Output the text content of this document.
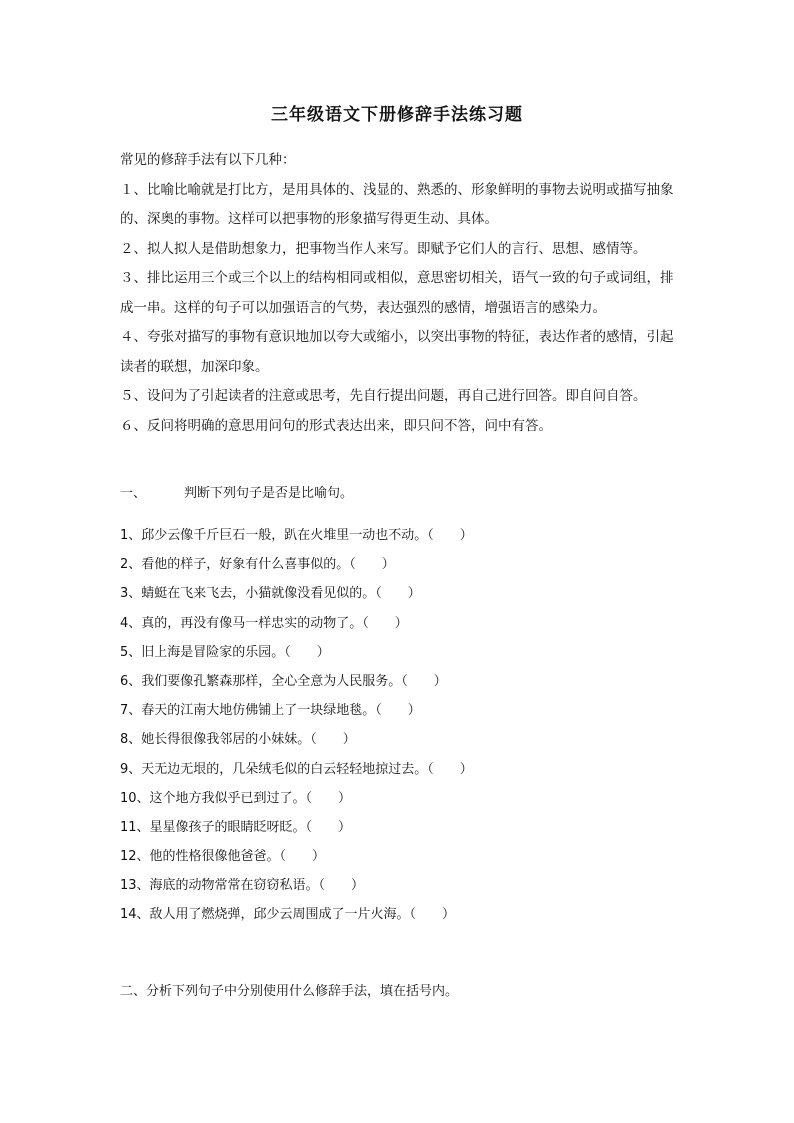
三年级语文下册修辞手法练习题

常见的修辞手法有以下几种：

１、比喻比喻就是打比方，是用具体的、浅显的、熟悉的、形象鲜明的事物去说明或描写抽象的、深奥的事物。这样可以把事物的形象描写得更生动、具体。

２、拟人拟人是借助想象力，把事物当作人来写。即赋予它们人的言行、思想、感情等。

３、排比运用三个或三个以上的结构相同或相似，意思密切相关，语气一致的句子或词组，排成一串。这样的句子可以加强语言的气势，表达强烈的感情，增强语言的感染力。

４、夸张对描写的事物有意识地加以夸大或缩小，以突出事物的特征，表达作者的感情，引起读者的联想，加深印象。

５、设问为了引起读者的注意或思考，先自行提出问题，再自己进行回答。即自问自答。

６、反问将明确的意思用问句的形式表达出来，即只问不答，问中有答。

一、	判断下列句子是否是比喻句。
1、邱少云像千斤巨石一般，趴在火堆里一动也不动。（　　）
2、看他的样子，好象有什么喜事似的。（　　）
3、蜻蜓在飞来飞去，小猫就像没看见似的。（　　）
4、真的，再没有像马一样忠实的动物了。（　　）
5、旧上海是冒险家的乐园。（　　）
6、我们要像孔繁森那样，全心全意为人民服务。（　　）
7、春天的江南大地仿佛铺上了一块绿地毯。（　　）
8、她长得很像我邻居的小妹妹。（　　）
9、天无边无垠的，几朵绒毛似的白云轻轻地掠过去。（　　）
10、这个地方我似乎已到过了。（　　）
11、星星像孩子的眼睛眨呀眨。（　　）
12、他的性格很像他爸爸。（　　）
13、海底的动物常常在窃窃私语。（　　）
14、敌人用了燃烧弹，邱少云周围成了一片火海。（　　）
二、分析下列句子中分别使用什么修辞手法，填在括号内。
